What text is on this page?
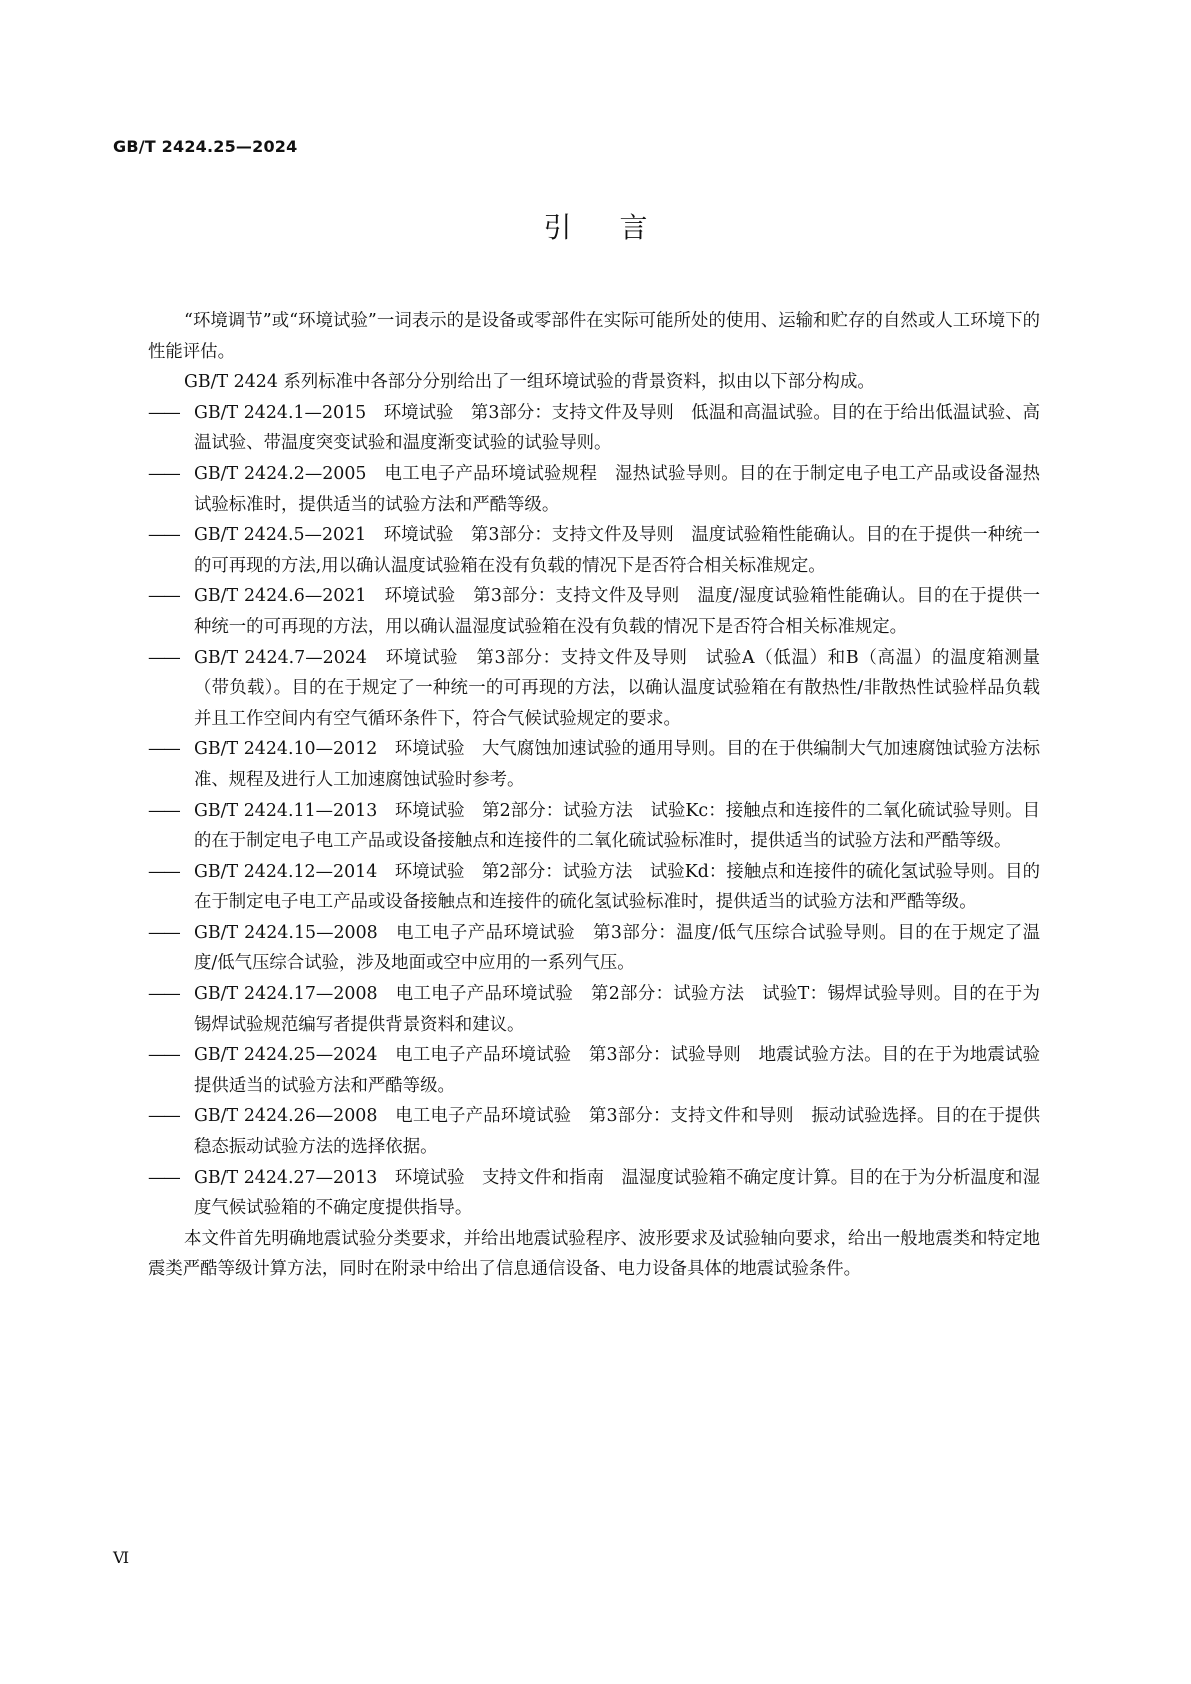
GB/T 2424.25—2024
引言

“环境调节”或“环境试验”一词表示的是设备或零部件在实际可能所处的使用、运输和贮存的自然或人工环境下的性能评估。

GB/T 2424 系列标准中各部分分别给出了一组环境试验的背景资料，拟由以下部分构成。

—— GB/T 2424.1—2015　环境试验　第3部分：支持文件及导则　低温和高温试验。目的在于给出低温试验、高温试验、带温度突变试验和温度渐变试验的试验导则。

—— GB/T 2424.2—2005　电工电子产品环境试验规程　湿热试验导则。目的在于制定电子电工产品或设备湿热试验标准时，提供适当的试验方法和严酷等级。

—— GB/T 2424.5—2021　环境试验　第3部分：支持文件及导则　温度试验箱性能确认。目的在于提供一种统一的可再现的方法,用以确认温度试验箱在没有负载的情况下是否符合相关标准规定。

—— GB/T 2424.6—2021　环境试验　第3部分：支持文件及导则　温度/湿度试验箱性能确认。目的在于提供一种统一的可再现的方法，用以确认温湿度试验箱在没有负载的情况下是否符合相关标准规定。

—— GB/T 2424.7—2024　环境试验　第3部分：支持文件及导则　试验A（低温）和B（高温）的温度箱测量（带负载）。目的在于规定了一种统一的可再现的方法，以确认温度试验箱在有散热性/非散热性试验样品负载并且工作空间内有空气循环条件下，符合气候试验规定的要求。

—— GB/T 2424.10—2012　环境试验　大气腐蚀加速试验的通用导则。目的在于供编制大气加速腐蚀试验方法标准、规程及进行人工加速腐蚀试验时参考。

—— GB/T 2424.11—2013　环境试验　第2部分：试验方法　试验Kc：接触点和连接件的二氧化硫试验导则。目的在于制定电子电工产品或设备接触点和连接件的二氧化硫试验标准时，提供适当的试验方法和严酷等级。

—— GB/T 2424.12—2014　环境试验　第2部分：试验方法　试验Kd：接触点和连接件的硫化氢试验导则。目的在于制定电子电工产品或设备接触点和连接件的硫化氢试验标准时，提供适当的试验方法和严酷等级。

—— GB/T 2424.15—2008　电工电子产品环境试验　第3部分：温度/低气压综合试验导则。目的在于规定了温度/低气压综合试验，涉及地面或空中应用的一系列气压。

—— GB/T 2424.17—2008　电工电子产品环境试验　第2部分：试验方法　试验T：锡焊试验导则。目的在于为锡焊试验规范编写者提供背景资料和建议。

—— GB/T 2424.25—2024　电工电子产品环境试验　第3部分：试验导则　地震试验方法。目的在于为地震试验提供适当的试验方法和严酷等级。

—— GB/T 2424.26—2008　电工电子产品环境试验　第3部分：支持文件和导则　振动试验选择。目的在于提供稳态振动试验方法的选择依据。

—— GB/T 2424.27—2013　环境试验　支持文件和指南　温湿度试验箱不确定度计算。目的在于为分析温度和湿度气候试验箱的不确定度提供指导。

本文件首先明确地震试验分类要求，并给出地震试验程序、波形要求及试验轴向要求，给出一般地震类和特定地震类严酷等级计算方法，同时在附录中给出了信息通信设备、电力设备具体的地震试验条件。

Ⅵ
